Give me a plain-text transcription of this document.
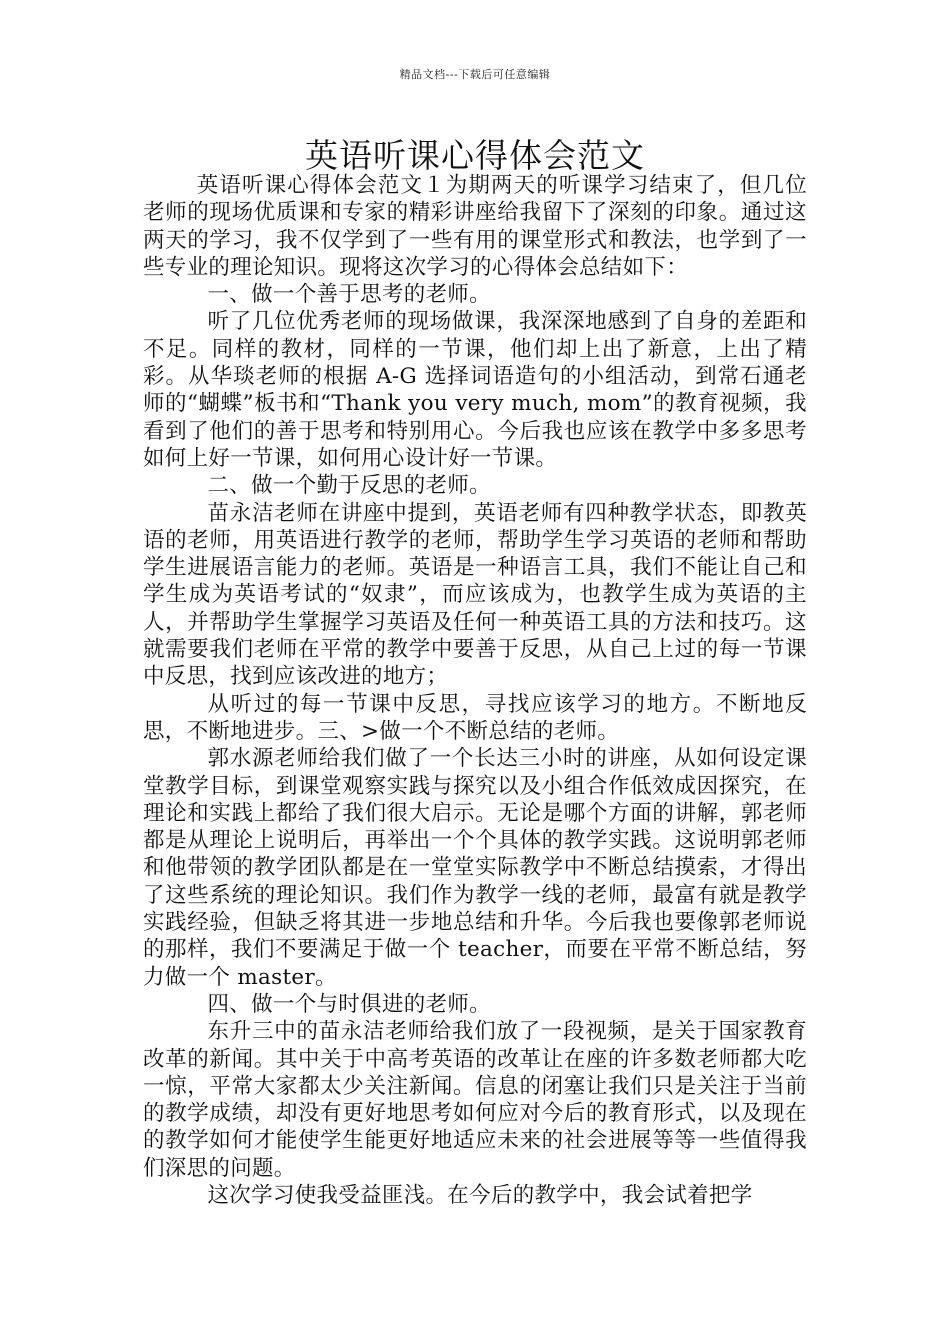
精品文档---下载后可任意编辑
英语听课心得体会范文

英语听课心得体会范文１为期两天的听课学习结束了，但几位老师的现场优质课和专家的精彩讲座给我留下了深刻的印象。通过这两天的学习，我不仅学到了一些有用的课堂形式和教法，也学到了一些专业的理论知识。现将这次学习的心得体会总结如下：

一、做一个善于思考的老师。

听了几位优秀老师的现场做课，我深深地感到了自身的差距和不足。同样的教材，同样的一节课，他们却上出了新意，上出了精彩。从华琰老师的根据 A-G 选择词语造句的小组活动，到常石通老师的“蝴蝶”板书和“Thank you very much, mom”的教育视频，我看到了他们的善于思考和特别用心。今后我也应该在教学中多多思考如何上好一节课，如何用心设计好一节课。

二、做一个勤于反思的老师。

苗永洁老师在讲座中提到，英语老师有四种教学状态，即教英语的老师，用英语进行教学的老师，帮助学生学习英语的老师和帮助学生进展语言能力的老师。英语是一种语言工具，我们不能让自己和学生成为英语考试的“奴隶”，而应该成为，也教学生成为英语的主人，并帮助学生掌握学习英语及任何一种英语工具的方法和技巧。这就需要我们老师在平常的教学中要善于反思，从自己上过的每一节课中反思，找到应该改进的地方；

从听过的每一节课中反思，寻找应该学习的地方。不断地反思，不断地进步。三、>做一个不断总结的老师。

郭水源老师给我们做了一个长达三小时的讲座，从如何设定课堂教学目标，到课堂观察实践与探究以及小组合作低效成因探究，在理论和实践上都给了我们很大启示。无论是哪个方面的讲解，郭老师都是从理论上说明后，再举出一个个具体的教学实践。这说明郭老师和他带领的教学团队都是在一堂堂实际教学中不断总结摸索，才得出了这些系统的理论知识。我们作为教学一线的老师，最富有就是教学实践经验，但缺乏将其进一步地总结和升华。今后我也要像郭老师说的那样，我们不要满足于做一个 teacher，而要在平常不断总结，努力做一个 master。

四、做一个与时俱进的老师。

东升三中的苗永洁老师给我们放了一段视频，是关于国家教育改革的新闻。其中关于中高考英语的改革让在座的许多数老师都大吃一惊，平常大家都太少关注新闻。信息的闭塞让我们只是关注于当前的教学成绩，却没有更好地思考如何应对今后的教育形式，以及现在的教学如何才能使学生能更好地适应未来的社会进展等等一些值得我们深思的问题。

这次学习使我受益匪浅。在今后的教学中，我会试着把学
